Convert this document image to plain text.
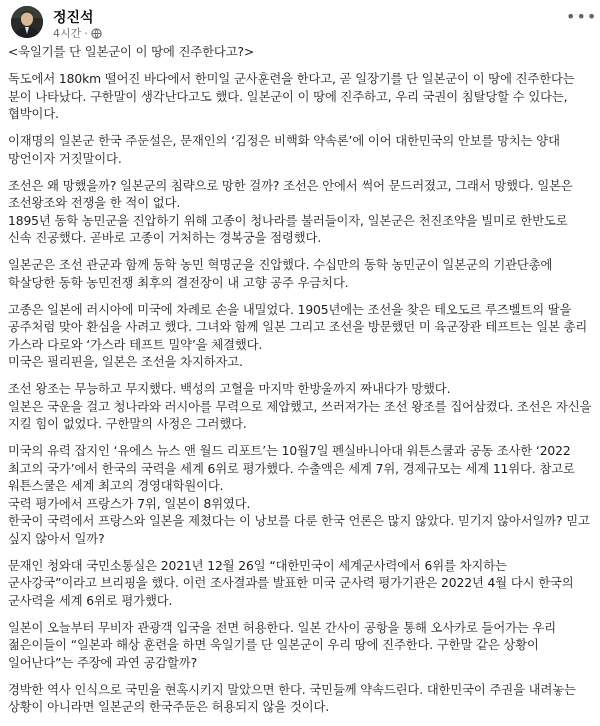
정진석
4시간 ·
•••

<욱일기를 단 일본군이 이 땅에 진주한다고?>

독도에서 180km 떨어진 바다에서 한미일 군사훈련을 한다고, 곧 일장기를 단 일본군이 이 땅에 진주한다는 분이 나타났다. 구한말이 생각난다고도 했다. 일본군이 이 땅에 진주하고, 우리 국권이 침탈당할 수 있다는, 협박이다.

이재명의 일본군 한국 주둔설은, 문재인의 ‘김정은 비핵화 약속론’에 이어 대한민국의 안보를 망치는 양대 망언이자 거짓말이다.

조선은 왜 망했을까? 일본군의 침략으로 망한 걸까? 조선은 안에서 썩어 문드러졌고, 그래서 망했다. 일본은 조선왕조와 전쟁을 한 적이 없다.
1895년 동학 농민군을 진압하기 위해 고종이 청나라를 불러들이자, 일본군은 천진조약을 빌미로 한반도로 신속 진공했다. 곧바로 고종이 거처하는 경복궁을 점령했다.

일본군은 조선 관군과 함께 동학 농민 혁명군을 진압했다. 수십만의 동학 농민군이 일본군의 기관단총에 학살당한 동학 농민전쟁 최후의 결전장이 내 고향 공주 우금치다.

고종은 일본에 러시아에 미국에 차례로 손을 내밀었다. 1905년에는 조선을 찾은 테오도르 루즈벨트의 딸을 공주처럼 맞아 환심을 사려고 했다. 그녀와 함께 일본 그리고 조선을 방문했던 미 육군장관 테프트는 일본 총리 가스라 다로와 ‘가스라 테프트 밀약’을 체결했다.
미국은 필리핀을, 일본은 조선을 차지하자고.

조선 왕조는 무능하고 무지했다. 백성의 고혈을 마지막 한방울까지 짜내다가 망했다.
일본은 국운을 걸고 청나라와 러시아를 무력으로 제압했고, 쓰러져가는 조선 왕조를 집어삼켰다. 조선은 자신을 지킬 힘이 없었다. 구한말의 사정은 그러했다.

미국의 유력 잡지인 ‘유에스 뉴스 앤 월드 리포트’는 10월7일 펜실바니아대 워튼스쿨과 공동 조사한 ‘2022 최고의 국가’에서 한국의 국력을 세계 6위로 평가했다. 수출액은 세계 7위, 경제규모는 세계 11위다. 참고로 워튼스쿨은 세계 최고의 경영대학원이다.
국력 평가에서 프랑스가 7위, 일본이 8위였다.
한국이 국력에서 프랑스와 일본을 제쳤다는 이 낭보를 다룬 한국 언론은 많지 않았다. 믿기지 않아서일까? 믿고 싶지 않아서 일까?

문재인 청와대 국민소통실은 2021년 12월 26일 “대한민국이 세계군사력에서 6위를 차지하는 군사강국”이라고 브리핑을 했다. 이런 조사결과를 발표한 미국 군사력 평가기관은 2022년 4월 다시 한국의 군사력을 세계 6위로 평가했다.

일본이 오늘부터 무비자 관광객 입국을 전면 허용한다. 일본 간사이 공항을 통해 오사카로 들어가는 우리 젊은이들이 “일본과 해상 훈련을 하면 욱일기를 단 일본군이 우리 땅에 진주한다. 구한말 같은 상황이 일어난다”는 주장에 과연 공감할까?

경박한 역사 인식으로 국민을 현혹시키지 말았으면 한다. 국민들께 약속드린다. 대한민국이 주권을 내려놓는 상황이 아니라면 일본군의 한국주둔은 허용되지 않을 것이다.
